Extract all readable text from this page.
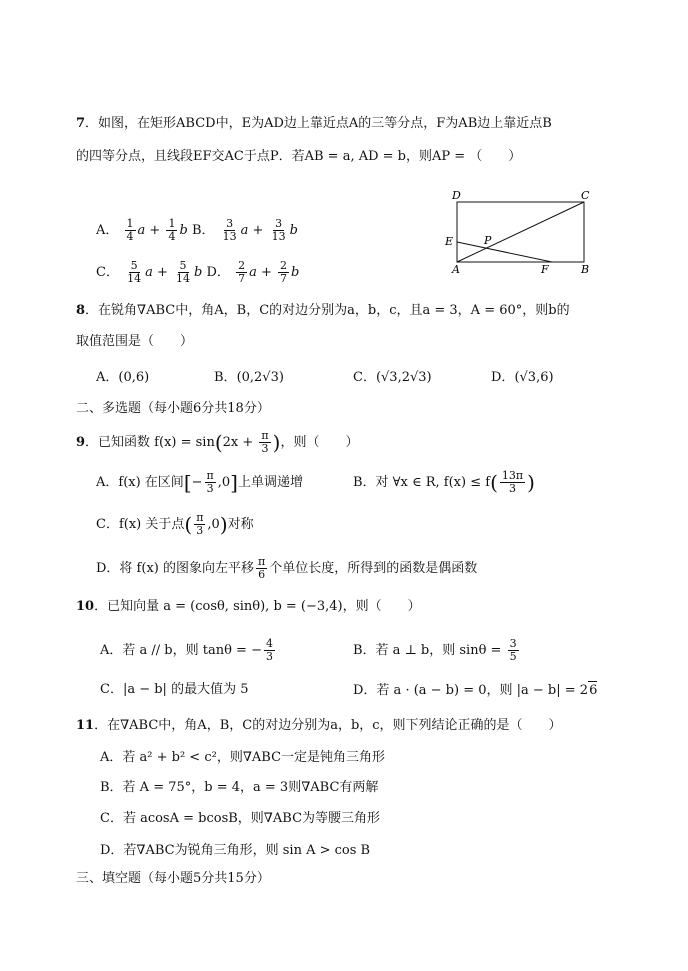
7．如图，在矩形ABCD中，E为AD边上靠近点A的三等分点，F为AB边上靠近点B
的四等分点，且线段EF交AC于点P．若AB = a, AD = b，则AP = （　　）
A． $\frac{1}{4}$ $a + \frac{1}{4}$ b B． $\frac{3}{13}$ $a + \frac{3}{13}$ b
C． $\frac{5}{14}$ $a + \frac{5}{14}$ b D． $\frac{2}{7}$ $a + \frac{2}{7}$ b
D	C
E	P
A	F	B
8．在锐角∇ABC中，角A，B，C的对边分别为a，b，c，且a = 3，A = 60°，则b的
取值范围是（　　）
A．(0,6)	B．(0,2√3)	C．(√3,2√3)	D．(√3,6)
二、多选题（每小题6分共18分）
9．已知函数 $f(x) = \sin(2x + \frac{\pi}{3}$ )，则（　　）
A．f(x) 在区间[− $\frac{\pi}{3} ,0$]上单调递增	B．对 ∀x ∈ R, $f(x) \le f( \frac{13\pi}{3}$ )
C．f(x) 关于点( $\frac{\pi}{3} ,0$)对称
D．将 f(x) 的图象向左平移 $\frac{\pi}{6}$ 个单位长度，所得到的函数是偶函数
10．已知向量 a = (cosθ, sinθ), b = (−3,4)，则（　　）
A．若 a // b，则 tanθ = − $\frac{4}{3}$	B．若 a ⊥ b，则 $\sin\theta = \frac{3}{5}$
C．|a − b| 的最大值为 5	D．若 a · (a − b) = 0，则 |a − b| = 26
11．在∇ABC中，角A，B，C的对边分别为a，b，c，则下列结论正确的是（　　）
A．若 a² + b² < c²，则∇ABC一定是钝角三角形
B．若 A = 75°，b = 4，a = 3则∇ABC有两解
C．若 acosA = bcosB，则∇ABC为等腰三角形
D．若∇ABC为锐角三角形，则 sin A > cos B
三、填空题（每小题5分共15分）
